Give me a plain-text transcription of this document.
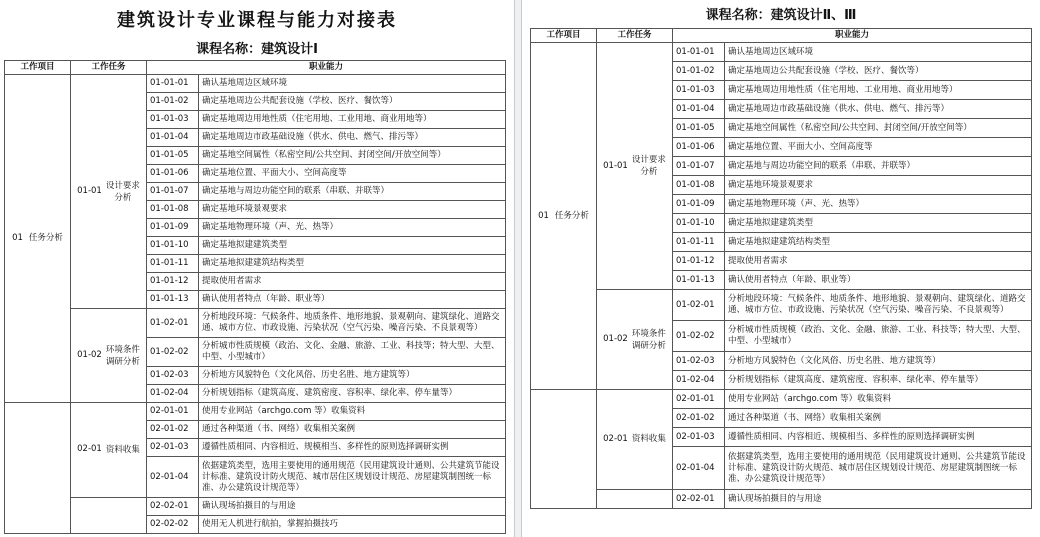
建筑设计专业课程与能力对接表
课程名称：建筑设计Ⅰ
工作项目	工作任务	职业能力	
01 任务分析	01-01设计要求分析	01-01-01	确认基地周边区域环境
		01-01-02	确定基地周边公共配套设施（学校、医疗、餐饮等）
		01-01-03	确定基地周边用地性质（住宅用地、工业用地、商业用地等）
		01-01-04	确定基地周边市政基础设施（供水、供电、燃气、排污等）
		01-01-05	确定基地空间属性（私密空间/公共空间、封闭空间/开放空间等）
		01-01-06	确定基地位置、平面大小、空间高度等
		01-01-07	确定基地与周边功能空间的联系（串联、并联等）
		01-01-08	确定基地环境景观要求
		01-01-09	确定基地物理环境（声、光、热等）
		01-01-10	确定基地拟建建筑类型
		01-01-11	确定基地拟建建筑结构类型
		01-01-12	提取使用者需求
		01-01-13	确认使用者特点（年龄、职业等）
	01-02环境条件调研分析	01-02-01	分析地段环境：气候条件、地质条件、地形地貌、景观朝向、建筑绿化、道路交通、城市方位、市政设施、污染状况（空气污染、噪音污染、不良景观等）
		01-02-02	分析城市性质规模（政治、文化、金融、旅游、工业、科技等；特大型、大型、中型、小型城市）
		01-02-03	分析地方风貌特色（文化风俗、历史名胜、地方建筑等）
		01-02-04	分析规划指标（建筑高度、建筑密度、容积率、绿化率、停车量等）
	02-01 资料收集	02-01-01	使用专业网站（archgo.com 等）收集资料
		02-01-02	通过各种渠道（书、网络）收集相关案例
		02-01-03	遵循性质相同、内容相近、规模相当、多样性的原则选择调研实例
		02-01-04	依据建筑类型，选用主要使用的通用规范（民用建筑设计通则、公共建筑节能设计标准、建筑设计防火规范、城市居住区规划设计规范、房屋建筑制图统一标准、办公建筑设计规范等）
		02-02-01	确认现场拍摄目的与用途
		02-02-02	使用无人机进行航拍，掌握拍摄技巧
课程名称：建筑设计Ⅱ、Ⅲ
工作项目	工作任务	职业能力	
01 任务分析	01-01设计要求分析	01-01-01	确认基地周边区域环境
		01-01-02	确定基地周边公共配套设施（学校、医疗、餐饮等）
		01-01-03	确定基地周边用地性质（住宅用地、工业用地、商业用地等）
		01-01-04	确定基地周边市政基础设施（供水、供电、燃气、排污等）
		01-01-05	确定基地空间属性（私密空间/公共空间、封闭空间/开放空间等）
		01-01-06	确定基地位置、平面大小、空间高度等
		01-01-07	确定基地与周边功能空间的联系（串联、并联等）
		01-01-08	确定基地环境景观要求
		01-01-09	确定基地物理环境（声、光、热等）
		01-01-10	确定基地拟建建筑类型
		01-01-11	确定基地拟建建筑结构类型
		01-01-12	提取使用者需求
		01-01-13	确认使用者特点（年龄、职业等）
	01-02环境条件调研分析	01-02-01	分析地段环境：气候条件、地质条件、地形地貌、景观朝向、建筑绿化、道路交通、城市方位、市政设施、污染状况（空气污染、噪音污染、不良景观等）
		01-02-02	分析城市性质规模（政治、文化、金融、旅游、工业、科技等；特大型、大型、中型、小型城市）
		01-02-03	分析地方风貌特色（文化风俗、历史名胜、地方建筑等）
		01-02-04	分析规划指标（建筑高度、建筑密度、容积率、绿化率、停车量等）
	02-01 资料收集	02-01-01	使用专业网站（archgo.com 等）收集资料
		02-01-02	通过各种渠道（书、网络）收集相关案例
		02-01-03	遵循性质相同、内容相近、规模相当、多样性的原则选择调研实例
		02-01-04	依据建筑类型，选用主要使用的通用规范（民用建筑设计通则、公共建筑节能设计标准、建筑设计防火规范、城市居住区规划设计规范、房屋建筑制图统一标准、办公建筑设计规范等）
		02-02-01	确认现场拍摄目的与用途
